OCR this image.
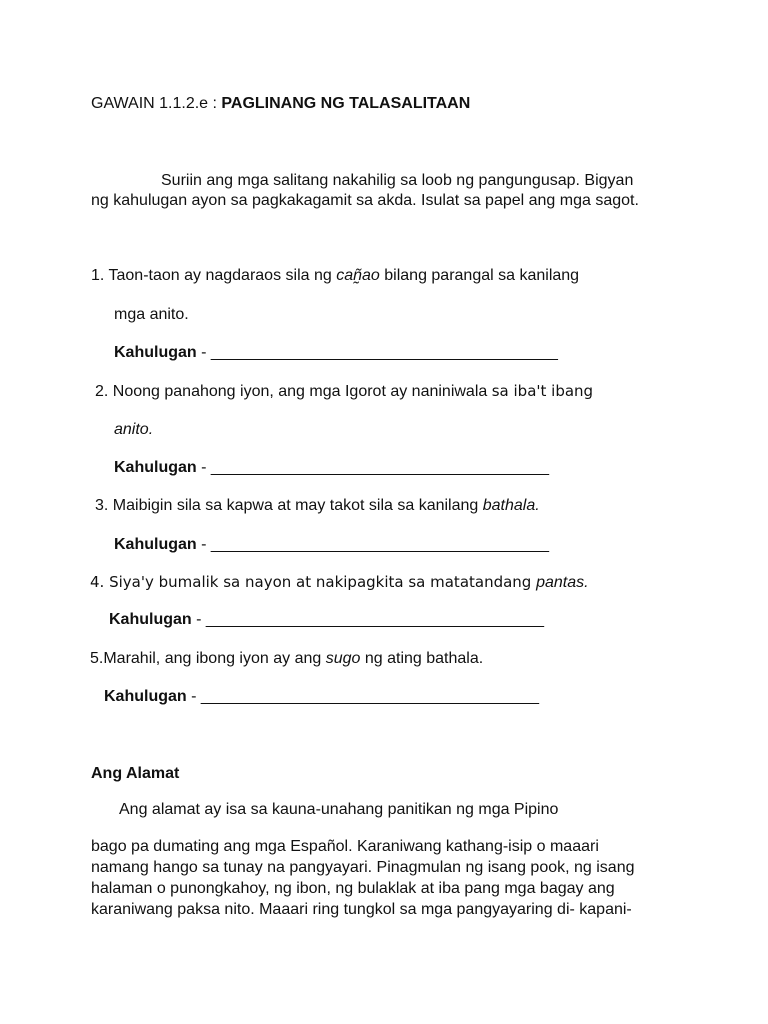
GAWAIN 1.1.2.e : PAGLINANG NG TALASALITAAN
Suriin ang mga salitang nakahilig sa loob ng pangungusap. Bigyan
ng kahulugan ayon sa pagkakagamit sa akda. Isulat sa papel ang mga sagot.
1. Taon-taon ay nagdaraos sila ng cañ̰ao bilang parangal sa kanilang
mga anito.
Kahulugan - _______________________________________
2. Noong panahong iyon, ang mga Igorot ay naniniwala sa iba't ibang
anito.
Kahulugan - ______________________________________
3. Maibigin sila sa kapwa at may takot sila sa kanilang bathala.
Kahulugan - ______________________________________
4. Siya'y bumalik sa nayon at nakipagkita sa matatandang pantas.
Kahulugan - ______________________________________
5.Marahil, ang ibong iyon ay ang sugo ng ating bathala.
Kahulugan - ______________________________________
Ang Alamat
Ang alamat ay isa sa kauna-unahang panitikan ng mga Pipino
bago pa dumating ang mga Español. Karaniwang kathang-isip o maaari
namang hango sa tunay na pangyayari. Pinagmulan ng isang pook, ng isang
halaman o punongkahoy, ng ibon, ng bulaklak at iba pang mga bagay ang
karaniwang paksa nito. Maaari ring tungkol sa mga pangyayaring di- kapani-
